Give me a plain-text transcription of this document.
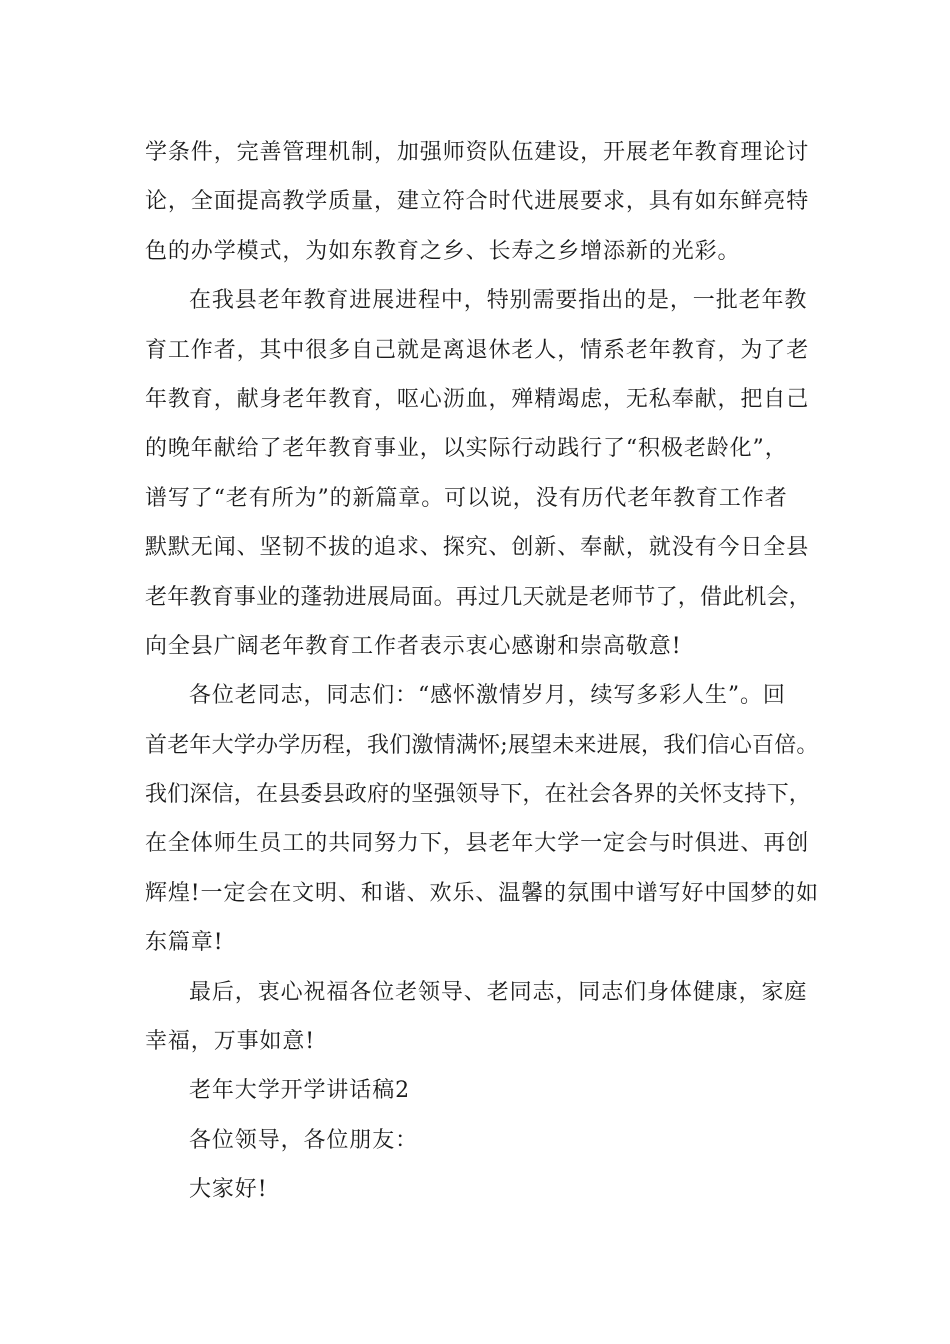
学条件，完善管理机制，加强师资队伍建设，开展老年教育理论讨
论，全面提高教学质量，建立符合时代进展要求，具有如东鲜亮特
色的办学模式，为如东教育之乡、长寿之乡增添新的光彩。
在我县老年教育进展进程中，特别需要指出的是，一批老年教
育工作者，其中很多自己就是离退休老人，情系老年教育，为了老
年教育，献身老年教育，呕心沥血，殚精竭虑，无私奉献，把自己
的晚年献给了老年教育事业，以实际行动践行了“积极老龄化”，
谱写了“老有所为”的新篇章。可以说，没有历代老年教育工作者
默默无闻、坚韧不拔的追求、探究、创新、奉献，就没有今日全县
老年教育事业的蓬勃进展局面。再过几天就是老师节了，借此机会，
向全县广阔老年教育工作者表示衷心感谢和崇高敬意!
各位老同志，同志们：“感怀激情岁月，续写多彩人生”。回
首老年大学办学历程，我们激情满怀;展望未来进展，我们信心百倍。
我们深信，在县委县政府的坚强领导下，在社会各界的关怀支持下，
在全体师生员工的共同努力下，县老年大学一定会与时俱进、再创
辉煌!一定会在文明、和谐、欢乐、温馨的氛围中谱写好中国梦的如
东篇章!
最后，衷心祝福各位老领导、老同志，同志们身体健康，家庭
幸福，万事如意!
老年大学开学讲话稿2
各位领导，各位朋友：
大家好!
